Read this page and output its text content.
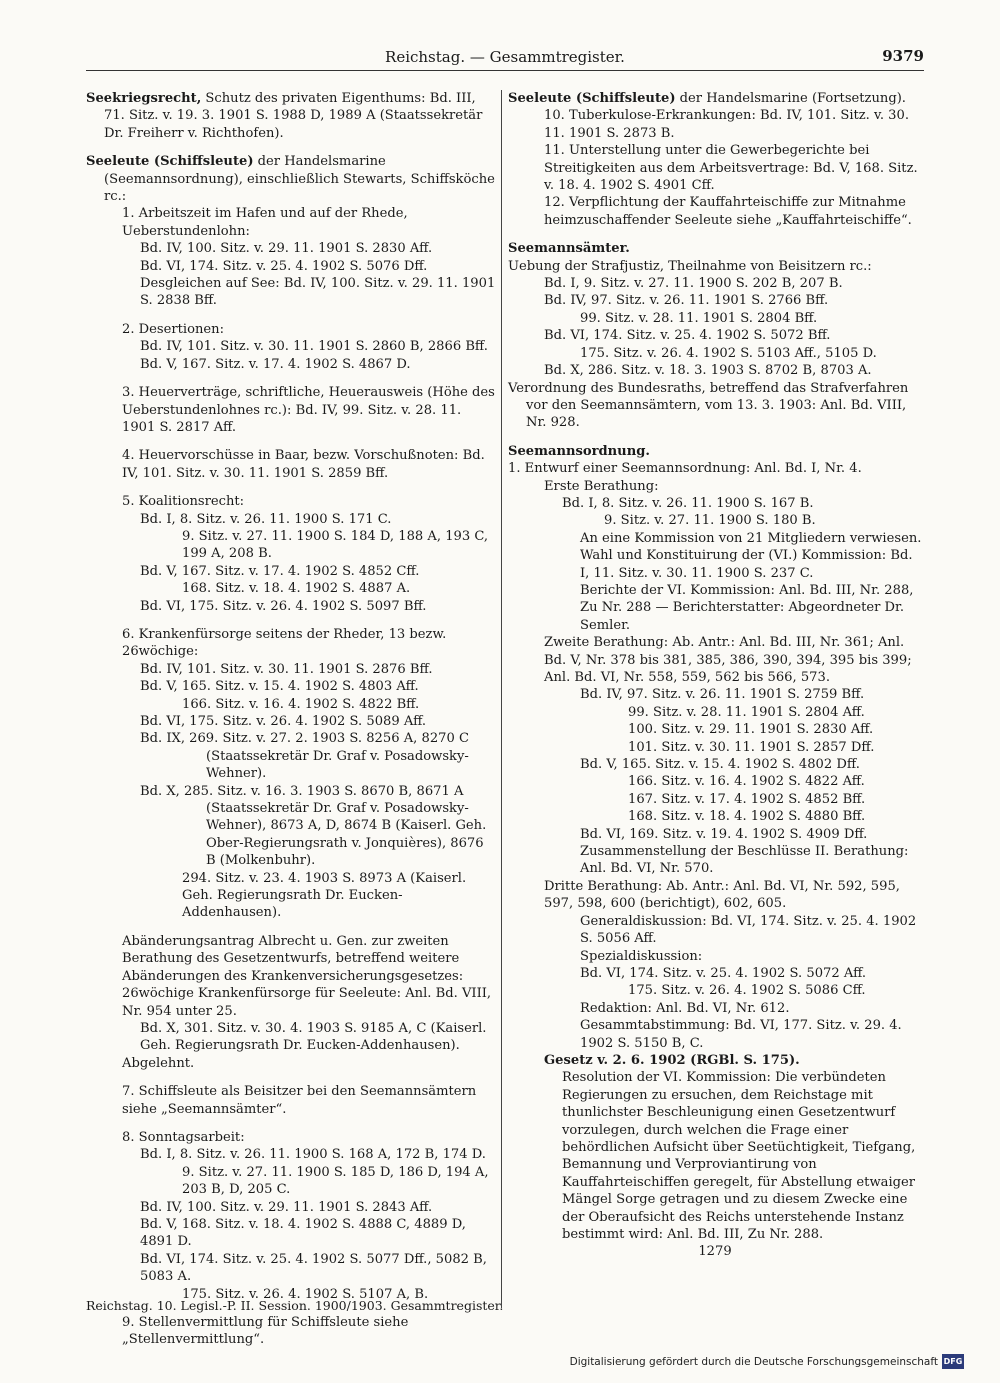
Reichstag. — Gesammtregister.	9379
Seekriegsrecht, Schutz des privaten Eigenthums: Bd. III, 71. Sitz. v. 19. 3. 1901 S. 1988 D, 1989 A (Staatssekretär Dr. Freiherr v. Richthofen).
Seeleute (Schiffsleute) der Handelsmarine (Seemannsordnung), einschließlich Stewarts, Schiffsköche rc.:
1. Arbeitszeit im Hafen und auf der Rhede, Ueberstundenlohn:
Bd. IV, 100. Sitz. v. 29. 11. 1901 S. 2830 Aff.
Bd. VI, 174. Sitz. v. 25. 4. 1902 S. 5076 Dff.
Desgleichen auf See: Bd. IV, 100. Sitz. v. 29. 11. 1901 S. 2838 Bff.
2. Desertionen:
Bd. IV, 101. Sitz. v. 30. 11. 1901 S. 2860 B, 2866 Bff.
Bd. V, 167. Sitz. v. 17. 4. 1902 S. 4867 D.
3. Heuerverträge, schriftliche, Heuerausweis (Höhe des Ueberstundenlohnes rc.): Bd. IV, 99. Sitz. v. 28. 11. 1901 S. 2817 Aff.
4. Heuervorschüsse in Baar, bezw. Vorschußnoten: Bd. IV, 101. Sitz. v. 30. 11. 1901 S. 2859 Bff.
5. Koalitionsrecht:
Bd. I, 8. Sitz. v. 26. 11. 1900 S. 171 C.
9. Sitz. v. 27. 11. 1900 S. 184 D, 188 A, 193 C, 199 A, 208 B.
Bd. V, 167. Sitz. v. 17. 4. 1902 S. 4852 Cff.
168. Sitz. v. 18. 4. 1902 S. 4887 A.
Bd. VI, 175. Sitz. v. 26. 4. 1902 S. 5097 Bff.
6. Krankenfürsorge seitens der Rheder, 13 bezw. 26wöchige:
Bd. IV, 101. Sitz. v. 30. 11. 1901 S. 2876 Bff.
Bd. V, 165. Sitz. v. 15. 4. 1902 S. 4803 Aff.
166. Sitz. v. 16. 4. 1902 S. 4822 Bff.
Bd. VI, 175. Sitz. v. 26. 4. 1902 S. 5089 Aff.
Bd. IX, 269. Sitz. v. 27. 2. 1903 S. 8256 A, 8270 C
(Staatssekretär Dr. Graf v. Posadowsky-Wehner).
Bd. X, 285. Sitz. v. 16. 3. 1903 S. 8670 B, 8671 A
(Staatssekretär Dr. Graf v. Posadowsky-Wehner), 8673 A, D, 8674 B (Kaiserl. Geh. Ober-Regierungsrath v. Jonquières), 8676 B (Molkenbuhr).
294. Sitz. v. 23. 4. 1903 S. 8973 A (Kaiserl. Geh. Regierungsrath Dr. Eucken-Addenhausen).
Abänderungsantrag Albrecht u. Gen. zur zweiten Berathung des Gesetzentwurfs, betreffend weitere Abänderungen des Krankenversicherungsgesetzes: 26wöchige Krankenfürsorge für Seeleute: Anl. Bd. VIII, Nr. 954 unter 25.
Bd. X, 301. Sitz. v. 30. 4. 1903 S. 9185 A, C (Kaiserl. Geh. Regierungsrath Dr. Eucken-Addenhausen).
Abgelehnt.
7. Schiffsleute als Beisitzer bei den Seemannsämtern siehe „Seemannsämter“.
8. Sonntagsarbeit:
Bd. I, 8. Sitz. v. 26. 11. 1900 S. 168 A, 172 B, 174 D.
9. Sitz. v. 27. 11. 1900 S. 185 D, 186 D, 194 A, 203 B, D, 205 C.
Bd. IV, 100. Sitz. v. 29. 11. 1901 S. 2843 Aff.
Bd. V, 168. Sitz. v. 18. 4. 1902 S. 4888 C, 4889 D, 4891 D.
Bd. VI, 174. Sitz. v. 25. 4. 1902 S. 5077 Dff., 5082 B, 5083 A.
175. Sitz. v. 26. 4. 1902 S. 5107 A, B.
9. Stellenvermittlung für Schiffsleute siehe „Stellenvermittlung“.
Seeleute (Schiffsleute) der Handelsmarine (Fortsetzung).
10. Tuberkulose-Erkrankungen: Bd. IV, 101. Sitz. v. 30. 11. 1901 S. 2873 B.
11. Unterstellung unter die Gewerbegerichte bei Streitigkeiten aus dem Arbeitsvertrage: Bd. V, 168. Sitz. v. 18. 4. 1902 S. 4901 Cff.
12. Verpflichtung der Kauffahrteischiffe zur Mitnahme heimzuschaffender Seeleute siehe „Kauffahrteischiffe“.
Seemannsämter.
Uebung der Strafjustiz, Theilnahme von Beisitzern rc.:
Bd. I, 9. Sitz. v. 27. 11. 1900 S. 202 B, 207 B.
Bd. IV, 97. Sitz. v. 26. 11. 1901 S. 2766 Bff.
99. Sitz. v. 28. 11. 1901 S. 2804 Bff.
Bd. VI, 174. Sitz. v. 25. 4. 1902 S. 5072 Bff.
175. Sitz. v. 26. 4. 1902 S. 5103 Aff., 5105 D.
Bd. X, 286. Sitz. v. 18. 3. 1903 S. 8702 B, 8703 A.
Verordnung des Bundesraths, betreffend das Strafverfahren vor den Seemannsämtern, vom 13. 3. 1903: Anl. Bd. VIII, Nr. 928.
Seemannsordnung.
1. Entwurf einer Seemannsordnung: Anl. Bd. I, Nr. 4.
Erste Berathung:
Bd. I, 8. Sitz. v. 26. 11. 1900 S. 167 B.
9. Sitz. v. 27. 11. 1900 S. 180 B.
An eine Kommission von 21 Mitgliedern verwiesen.
Wahl und Konstituirung der (VI.) Kommission: Bd. I, 11. Sitz. v. 30. 11. 1900 S. 237 C.
Berichte der VI. Kommission: Anl. Bd. III, Nr. 288, Zu Nr. 288 — Berichterstatter: Abgeordneter Dr. Semler.
Zweite Berathung: Ab. Antr.: Anl. Bd. III, Nr. 361; Anl. Bd. V, Nr. 378 bis 381, 385, 386, 390, 394, 395 bis 399; Anl. Bd. VI, Nr. 558, 559, 562 bis 566, 573.
Bd. IV, 97. Sitz. v. 26. 11. 1901 S. 2759 Bff.
99. Sitz. v. 28. 11. 1901 S. 2804 Aff.
100. Sitz. v. 29. 11. 1901 S. 2830 Aff.
101. Sitz. v. 30. 11. 1901 S. 2857 Dff.
Bd. V, 165. Sitz. v. 15. 4. 1902 S. 4802 Dff.
166. Sitz. v. 16. 4. 1902 S. 4822 Aff.
167. Sitz. v. 17. 4. 1902 S. 4852 Bff.
168. Sitz. v. 18. 4. 1902 S. 4880 Bff.
Bd. VI, 169. Sitz. v. 19. 4. 1902 S. 4909 Dff.
Zusammenstellung der Beschlüsse II. Berathung: Anl. Bd. VI, Nr. 570.
Dritte Berathung: Ab. Antr.: Anl. Bd. VI, Nr. 592, 595, 597, 598, 600 (berichtigt), 602, 605.
Generaldiskussion: Bd. VI, 174. Sitz. v. 25. 4. 1902 S. 5056 Aff.
Spezialdiskussion:
Bd. VI, 174. Sitz. v. 25. 4. 1902 S. 5072 Aff.
175. Sitz. v. 26. 4. 1902 S. 5086 Cff.
Redaktion: Anl. Bd. VI, Nr. 612.
Gesammtabstimmung: Bd. VI, 177. Sitz. v. 29. 4. 1902 S. 5150 B, C.
Gesetz v. 2. 6. 1902 (RGBl. S. 175).
Resolution der VI. Kommission: Die verbündeten Regierungen zu ersuchen, dem Reichstage mit thunlichster Beschleunigung einen Gesetzentwurf vorzulegen, durch welchen die Frage einer behördlichen Aufsicht über Seetüchtigkeit, Tiefgang, Bemannung und Verproviantirung von Kauffahrteischiffen geregelt, für Abstellung etwaiger Mängel Sorge getragen und zu diesem Zwecke eine der Oberaufsicht des Reichs unterstehende Instanz bestimmt wird: Anl. Bd. III, Zu Nr. 288.
1279
Reichstag. 10. Legisl.-P. II. Session. 1900/1903. Gesammtregister.
Digitalisierung gefördert durch die Deutsche Forschungsgemeinschaft DFG
